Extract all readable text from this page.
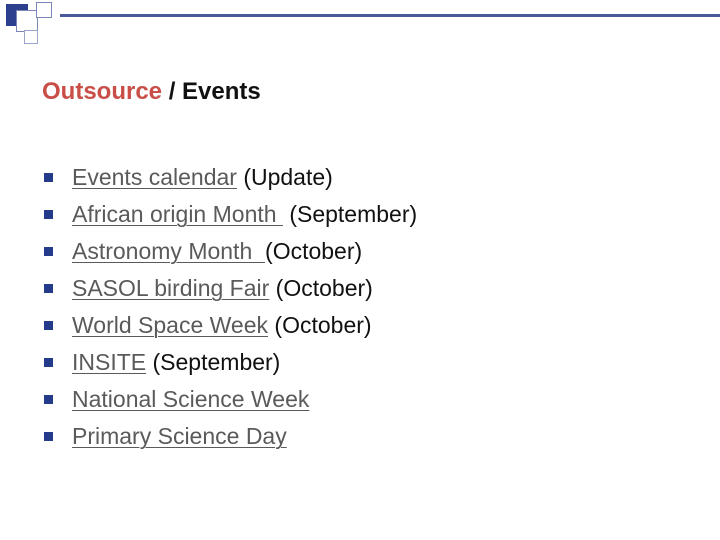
Outsource / Events
Events calendar (Update)
African origin Month  (September)
Astronomy Month  (October)
SASOL birding Fair (October)
World Space Week (October)
INSITE (September)
National Science Week
Primary Science Day
